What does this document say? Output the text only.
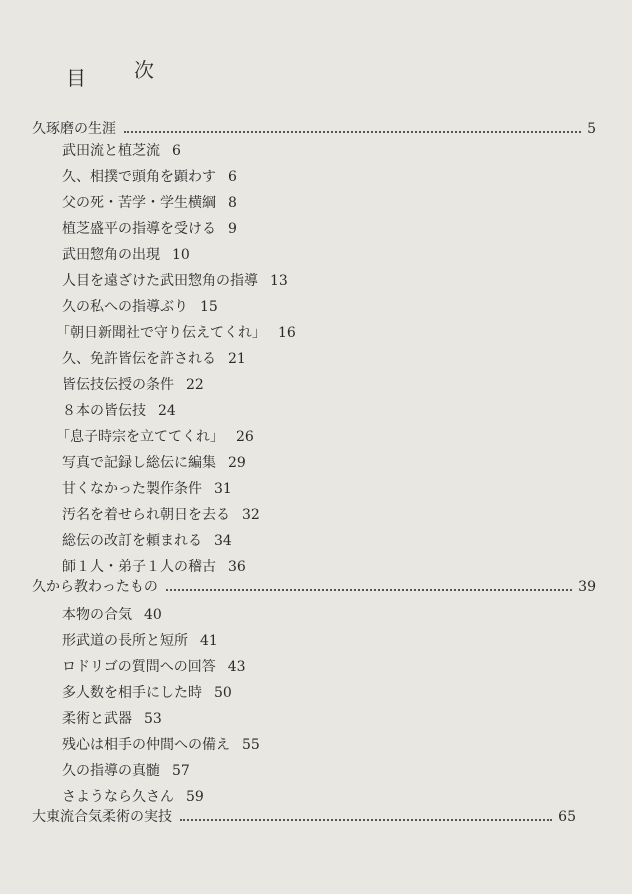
目 次
久琢磨の生涯	5
武田流と植芝流 6
久、相撲で頭角を顕わす 6
父の死・苦学・学生横綱 8
植芝盛平の指導を受ける 9
武田惣角の出現 10
人目を遠ざけた武田惣角の指導 13
久の私への指導ぶり 15
「朝日新聞社で守り伝えてくれ」 16
久、免許皆伝を許される 21
皆伝技伝授の条件 22
８本の皆伝技 24
「息子時宗を立ててくれ」 26
写真で記録し総伝に編集 29
甘くなかった製作条件 31
汚名を着せられ朝日を去る 32
総伝の改訂を頼まれる 34
師１人・弟子１人の稽古 36
久から教わったもの	39
本物の合気 40
形武道の長所と短所 41
ロドリゴの質問への回答 43
多人数を相手にした時 50
柔術と武器 53
残心は相手の仲間への備え 55
久の指導の真髄 57
さようなら久さん 59
大東流合気柔術の実技	65
